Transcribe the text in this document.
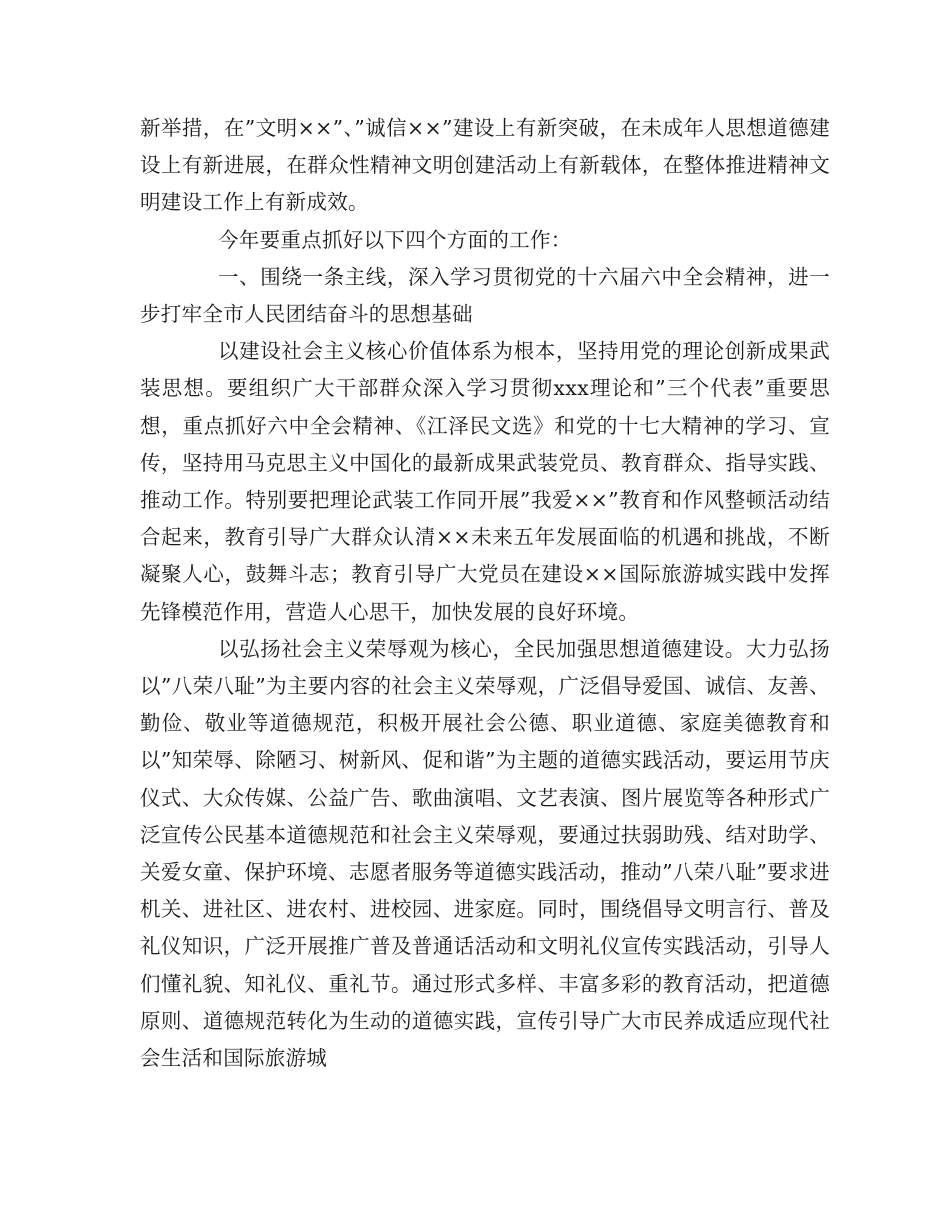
新举措，在”文明××”、”诚信××”建设上有新突破，在未成年人思想道德建设上有新进展，在群众性精神文明创建活动上有新载体，在整体推进精神文明建设工作上有新成效。

今年要重点抓好以下四个方面的工作：

一、围绕一条主线，深入学习贯彻党的十六届六中全会精神，进一步打牢全市人民团结奋斗的思想基础

以建设社会主义核心价值体系为根本，坚持用党的理论创新成果武装思想。要组织广大干部群众深入学习贯彻xxx理论和”三个代表”重要思想，重点抓好六中全会精神、《江泽民文选》和党的十七大精神的学习、宣传，坚持用马克思主义中国化的最新成果武装党员、教育群众、指导实践、推动工作。特别要把理论武装工作同开展”我爱××”教育和作风整顿活动结合起来，教育引导广大群众认清××未来五年发展面临的机遇和挑战，不断凝聚人心，鼓舞斗志；教育引导广大党员在建设××国际旅游城实践中发挥先锋模范作用，营造人心思干，加快发展的良好环境。

以弘扬社会主义荣辱观为核心，全民加强思想道德建设。大力弘扬以”八荣八耻”为主要内容的社会主义荣辱观，广泛倡导爱国、诚信、友善、勤俭、敬业等道德规范，积极开展社会公德、职业道德、家庭美德教育和以”知荣辱、除陋习、树新风、促和谐”为主题的道德实践活动，要运用节庆仪式、大众传媒、公益广告、歌曲演唱、文艺表演、图片展览等各种形式广泛宣传公民基本道德规范和社会主义荣辱观，要通过扶弱助残、结对助学、关爱女童、保护环境、志愿者服务等道德实践活动，推动”八荣八耻”要求进机关、进社区、进农村、进校园、进家庭。同时，围绕倡导文明言行、普及礼仪知识，广泛开展推广普及普通话活动和文明礼仪宣传实践活动，引导人们懂礼貌、知礼仪、重礼节。通过形式多样、丰富多彩的教育活动，把道德原则、道德规范转化为生动的道德实践，宣传引导广大市民养成适应现代社会生活和国际旅游城
